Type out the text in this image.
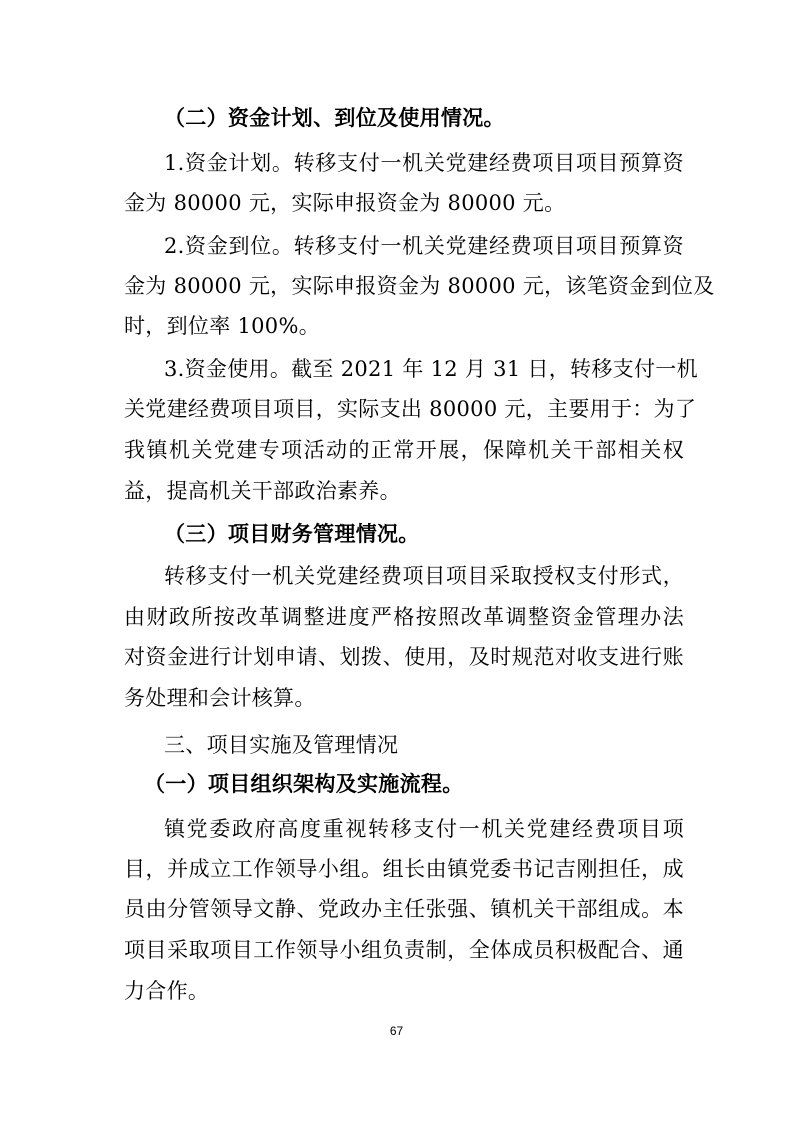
（二）资金计划、到位及使用情况。
1.资金计划。转移支付一机关党建经费项目项目预算资
金为 80000 元，实际申报资金为 80000 元。
2.资金到位。转移支付一机关党建经费项目项目预算资
金为 80000 元，实际申报资金为 80000 元，该笔资金到位及
时，到位率 100%。
3.资金使用。截至 2021 年 12 月 31 日，转移支付一机
关党建经费项目项目，实际支出 80000 元，主要用于：为了
我镇机关党建专项活动的正常开展，保障机关干部相关权
益，提高机关干部政治素养。
（三）项目财务管理情况。
转移支付一机关党建经费项目项目采取授权支付形式，
由财政所按改革调整进度严格按照改革调整资金管理办法
对资金进行计划申请、划拨、使用，及时规范对收支进行账
务处理和会计核算。
三、项目实施及管理情况
（一）项目组织架构及实施流程。
镇党委政府高度重视转移支付一机关党建经费项目项
目，并成立工作领导小组。组长由镇党委书记吉刚担任，成
员由分管领导文静、党政办主任张强、镇机关干部组成。本
项目采取项目工作领导小组负责制，全体成员积极配合、通
力合作。
67
